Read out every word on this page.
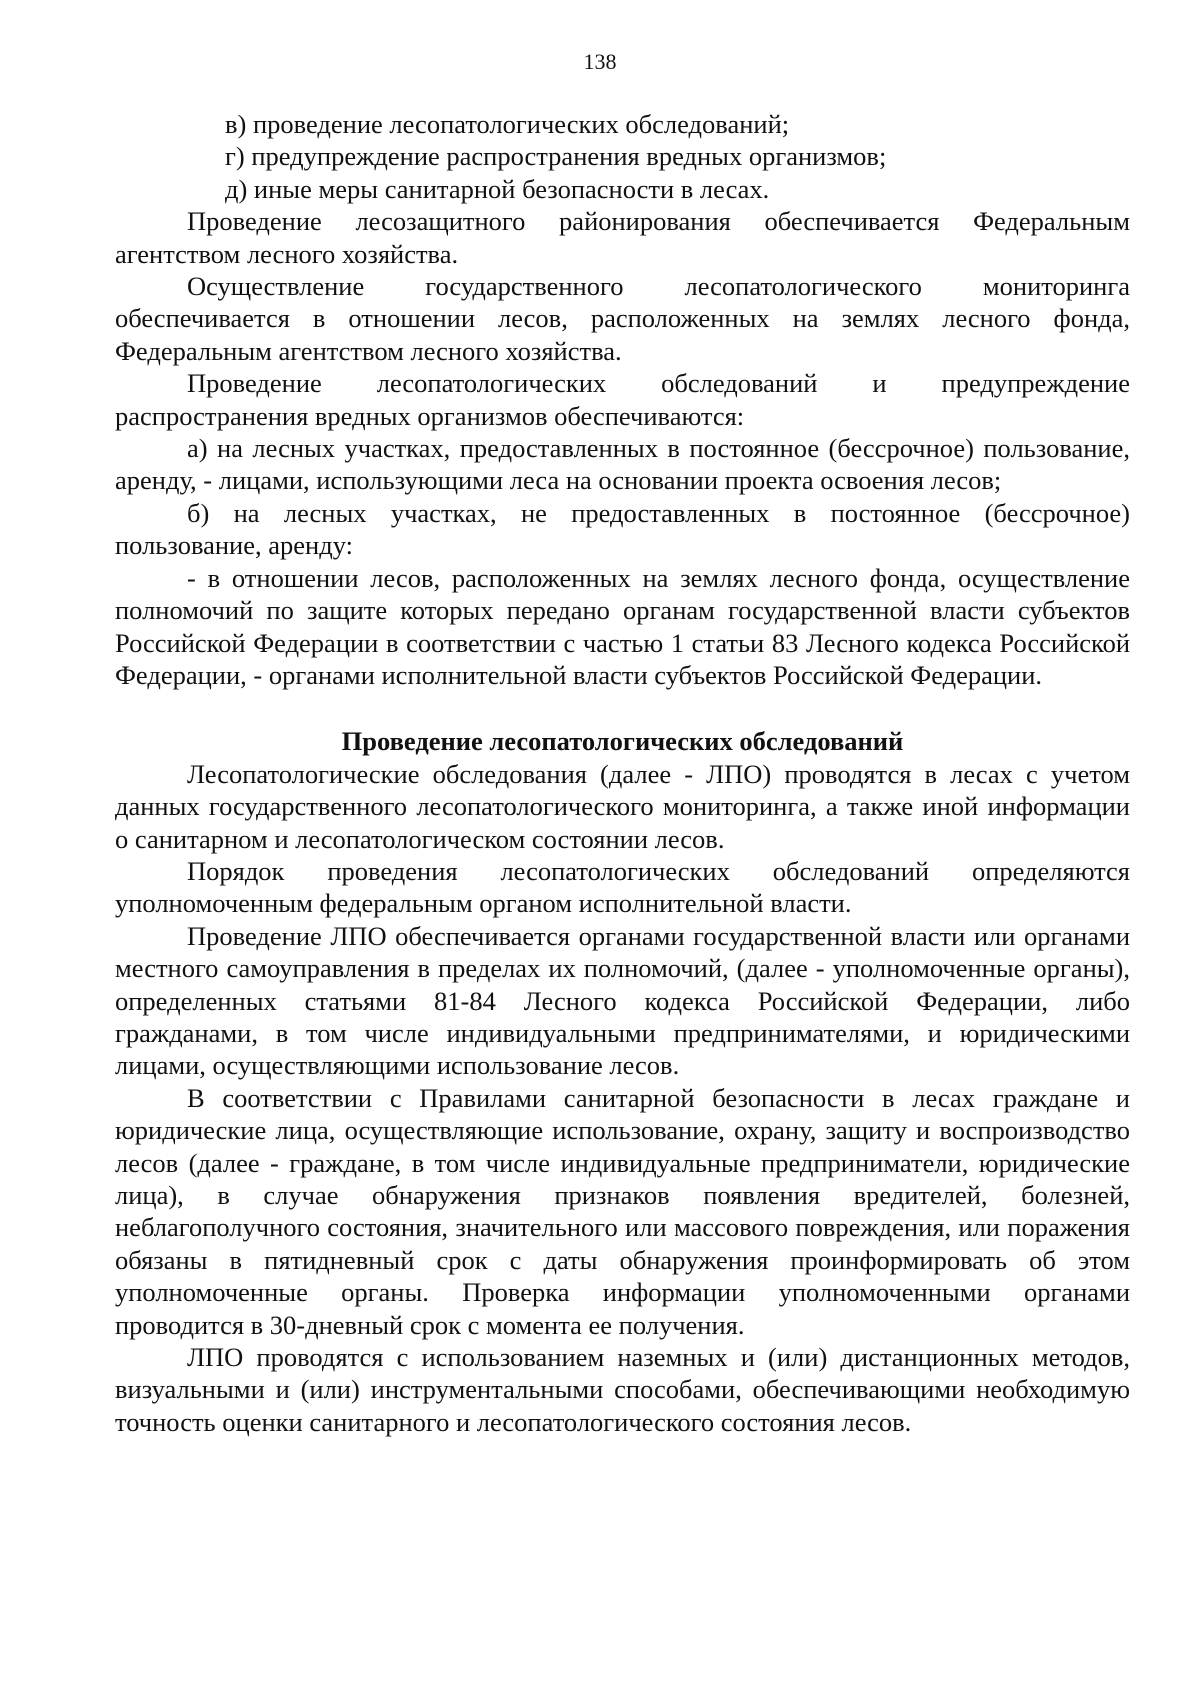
138

в) проведение лесопатологических обследований;

г) предупреждение распространения вредных организмов;

д) иные меры санитарной безопасности в лесах.

Проведение лесозащитного районирования обеспечивается Федеральным агентством лесного хозяйства.

Осуществление государственного лесопатологического мониторинга обеспечивается в отношении лесов, расположенных на землях лесного фонда, Федеральным агентством лесного хозяйства.

Проведение лесопатологических обследований и предупреждение распространения вредных организмов обеспечиваются:

а) на лесных участках, предоставленных в постоянное (бессрочное) пользование, аренду, - лицами, использующими леса на основании проекта освоения лесов;

б) на лесных участках, не предоставленных в постоянное (бессрочное) пользование, аренду:

- в отношении лесов, расположенных на землях лесного фонда, осуществление полномочий по защите которых передано органам государственной власти субъектов Российской Федерации в соответствии с частью 1 статьи 83 Лесного кодекса Российской Федерации, - органами исполнительной власти субъектов Российской Федерации.

Проведение лесопатологических обследований

Лесопатологические обследования (далее - ЛПО) проводятся в лесах с учетом данных государственного лесопатологического мониторинга, а также иной информации о санитарном и лесопатологическом состоянии лесов.

Порядок проведения лесопатологических обследований определяются уполномоченным федеральным органом исполнительной власти.

Проведение ЛПО обеспечивается органами государственной власти или органами местного самоуправления в пределах их полномочий, (далее - уполномоченные органы), определенных статьями 81-84 Лесного кодекса Российской Федерации, либо гражданами, в том числе индивидуальными предпринимателями, и юридическими лицами, осуществляющими использование лесов.

В соответствии с Правилами санитарной безопасности в лесах граждане и юридические лица, осуществляющие использование, охрану, защиту и воспроизводство лесов (далее - граждане, в том числе индивидуальные предприниматели, юридические лица), в случае обнаружения признаков появления вредителей, болезней, неблагополучного состояния, значительного или массового повреждения, или поражения обязаны в пятидневный срок с даты обнаружения проинформировать об этом уполномоченные органы. Проверка информации уполномоченными органами проводится в 30-дневный срок с момента ее получения.

ЛПО проводятся с использованием наземных и (или) дистанционных методов, визуальными и (или) инструментальными способами, обеспечивающими необходимую точность оценки санитарного и лесопатологического состояния лесов.
